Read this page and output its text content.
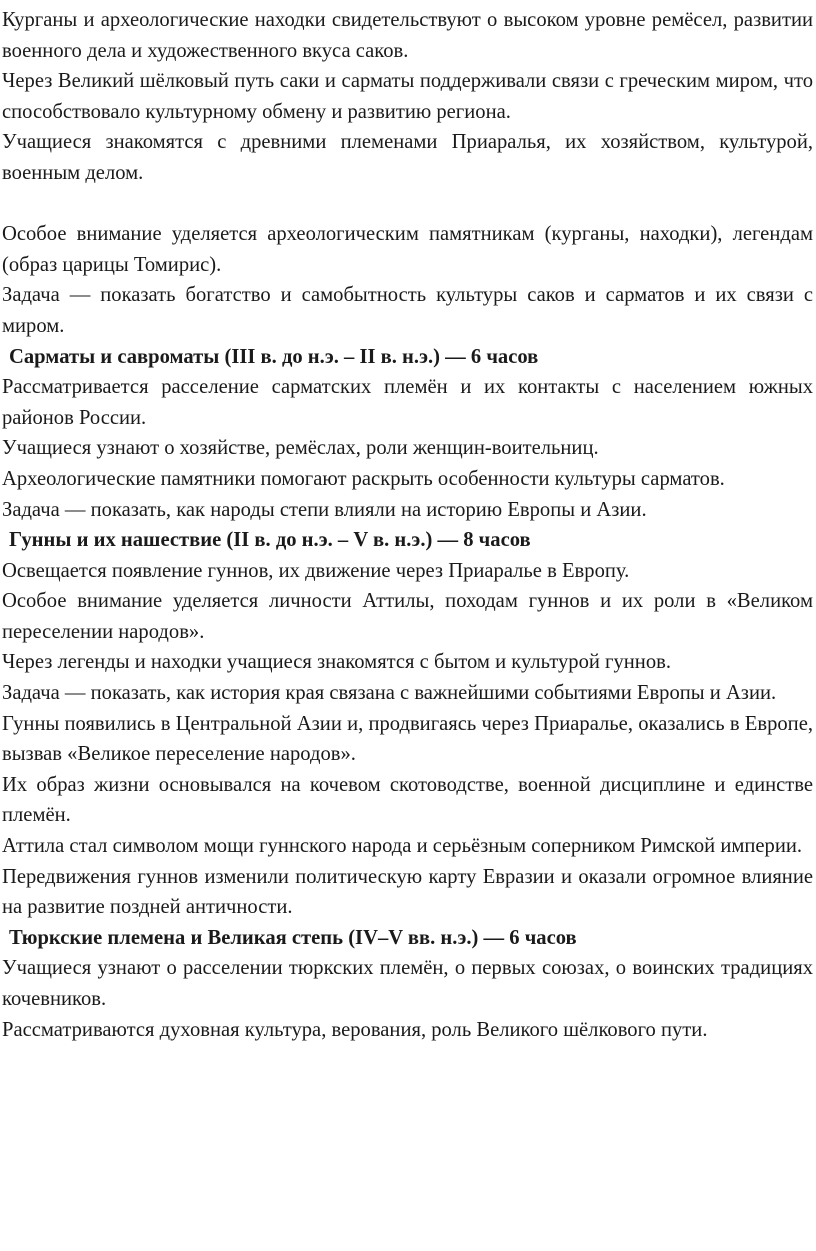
Курганы и археологические находки свидетельствуют о высоком уровне ремёсел, развитии военного дела и художественного вкуса саков.

Через Великий шёлковый путь саки и сарматы поддерживали связи с греческим миром, что способствовало культурному обмену и развитию региона.

Учащиеся знакомятся с древними племенами Приаралья, их хозяйством, культурой, военным делом.

Особое внимание уделяется археологическим памятникам (курганы, находки), легендам (образ царицы Томирис).

Задача — показать богатство и самобытность культуры саков и сарматов и их связи с миром.

Сарматы и савроматы (III в. до н.э. – II в. н.э.) — 6 часов

Рассматривается расселение сарматских племён и их контакты с населением южных районов России.

Учащиеся узнают о хозяйстве, ремёслах, роли женщин-воительниц.

Археологические памятники помогают раскрыть особенности культуры сарматов.

Задача — показать, как народы степи влияли на историю Европы и Азии.

Гунны и их нашествие (II в. до н.э. – V в. н.э.) — 8 часов

Освещается появление гуннов, их движение через Приаралье в Европу.

Особое внимание уделяется личности Аттилы, походам гуннов и их роли в «Великом переселении народов».

Через легенды и находки учащиеся знакомятся с бытом и культурой гуннов.

Задача — показать, как история края связана с важнейшими событиями Европы и Азии.

Гунны появились в Центральной Азии и, продвигаясь через Приаралье, оказались в Европе, вызвав «Великое переселение народов».

Их образ жизни основывался на кочевом скотоводстве, военной дисциплине и единстве племён.

Аттила стал символом мощи гуннского народа и серьёзным соперником Римской империи.

Передвижения гуннов изменили политическую карту Евразии и оказали огромное влияние на развитие поздней античности.

Тюркские племена и Великая степь (IV–V вв. н.э.) — 6 часов

Учащиеся узнают о расселении тюркских племён, о первых союзах, о воинских традициях кочевников.

Рассматриваются духовная культура, верования, роль Великого шёлкового пути.
